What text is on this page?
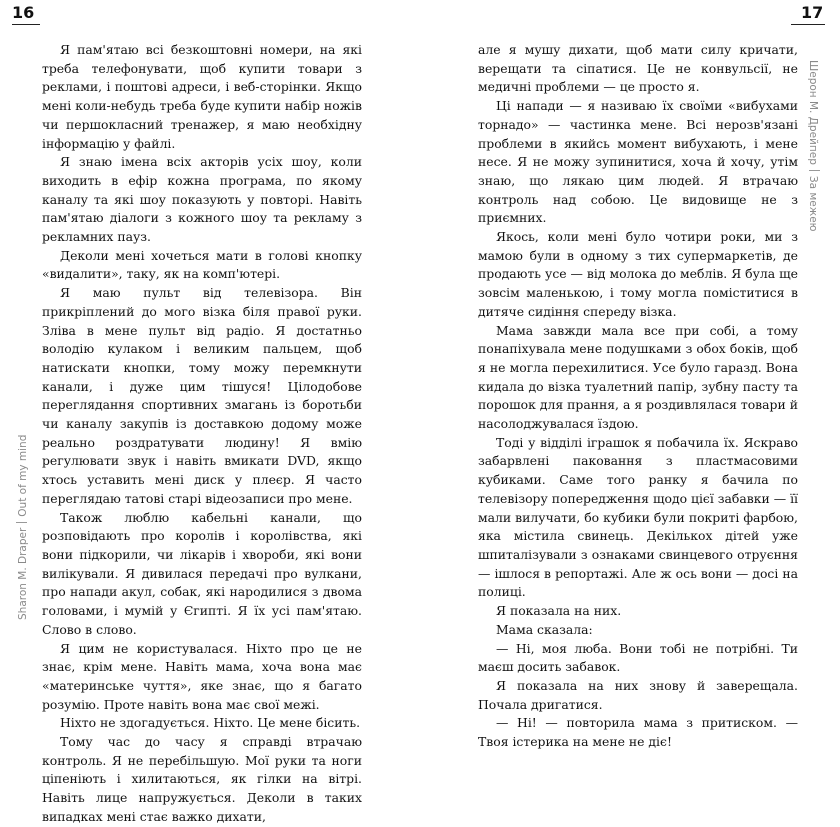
16
Sharon M. DraperOut of my mind

Я пам'ятаю всі безкоштовні номери, на які треба телефонувати, щоб купити товари з реклами, і поштові адреси, і веб-сторінки. Якщо мені коли-небудь треба буде купити набір ножів чи першокласний тренажер, я маю необхідну інформацію у файлі.

Я знаю імена всіх акторів усіх шоу, коли виходить в ефір кожна програма, по якому каналу та які шоу показують у повторі. Навіть пам'ятаю діалоги з кожного шоу та рекламу з рекламних пауз.

Деколи мені хочеться мати в голові кнопку «видалити», таку, як на комп'ютері.

Я маю пульт від телевізора. Він прикріплений до мого візка біля правої руки. Зліва в мене пульт від радіо. Я достатньо володію кулаком і великим пальцем, щоб натискати кнопки, тому можу перемкнути канали, і дуже цим тішуся! Цілодобове переглядання спортивних змагань із боротьби чи каналу закупів із доставкою додому може реально роздратувати людину! Я вмію регулювати звук і навіть вмикати DVD, якщо хтось уставить мені диск у плеєр. Я часто переглядаю татові старі відеозаписи про мене.

Також люблю кабельні канали, що розповідають про королів і королівства, які вони підкорили, чи лікарів і хвороби, які вони вилікували. Я дивилася передачі про вулкани, про напади акул, собак, які народилися з двома головами, і мумій у Єгипті. Я їх усі пам'ятаю. Слово в слово.

Я цим не користувалася. Ніхто про це не знає, крім мене. Навіть мама, хоча вона має «материнське чуття», яке знає, що я багато розумію. Проте навіть вона має свої межі.

Ніхто не здогадується. Ніхто. Це мене бісить.

Тому час до часу я справді втрачаю контроль. Я не перебільшую. Мої руки та ноги ціпеніють і хилитаються, як гілки на вітрі. Навіть лице напружується. Деколи в таких випадках мені стає важко дихати,

17
Шерон М. ДрейперЗа межею

але я мушу дихати, щоб мати силу кричати, верещати та сіпатися. Це не конвульсії, не медичні проблеми — це просто я.

Ці напади — я називаю їх своїми «вибухами торнадо» — частинка мене. Всі нерозв'язані проблеми в якийсь момент вибухають, і мене несе. Я не можу зупинитися, хоча й хочу, утім знаю, що лякаю цим людей. Я втрачаю контроль над собою. Це видовище не з приємних.

Якось, коли мені було чотири роки, ми з мамою були в одному з тих супермаркетів, де продають усе — від молока до меблів. Я була ще зовсім маленькою, і тому могла поміститися в дитяче сидіння спереду візка.

Мама завжди мала все при собі, а тому понапіхувала мене подушками з обох боків, щоб я не могла перехилитися. Усе було гаразд. Вона кидала до візка туалетний папір, зубну пасту та порошок для прання, а я роздивлялася товари й насолоджувалася їздою.

Тоді у відділі іграшок я побачила їх. Яскраво забарвлені паковання з пластмасовими кубиками. Саме того ранку я бачила по телевізору попередження щодо цієї забавки — її мали вилучати, бо кубики були покриті фарбою, яка містила свинець. Декількох дітей уже шпиталізували з ознаками свинцевого отруєння — ішлося в репортажі. Але ж ось вони — досі на полиці.

Я показала на них.

Мама сказала:

— Ні, моя люба. Вони тобі не потрібні. Ти маєш досить забавок.

Я показала на них знову й заверещала. Почала дригатися.

— Ні! — повторила мама з притиском. — Твоя істерика на мене не діє!
